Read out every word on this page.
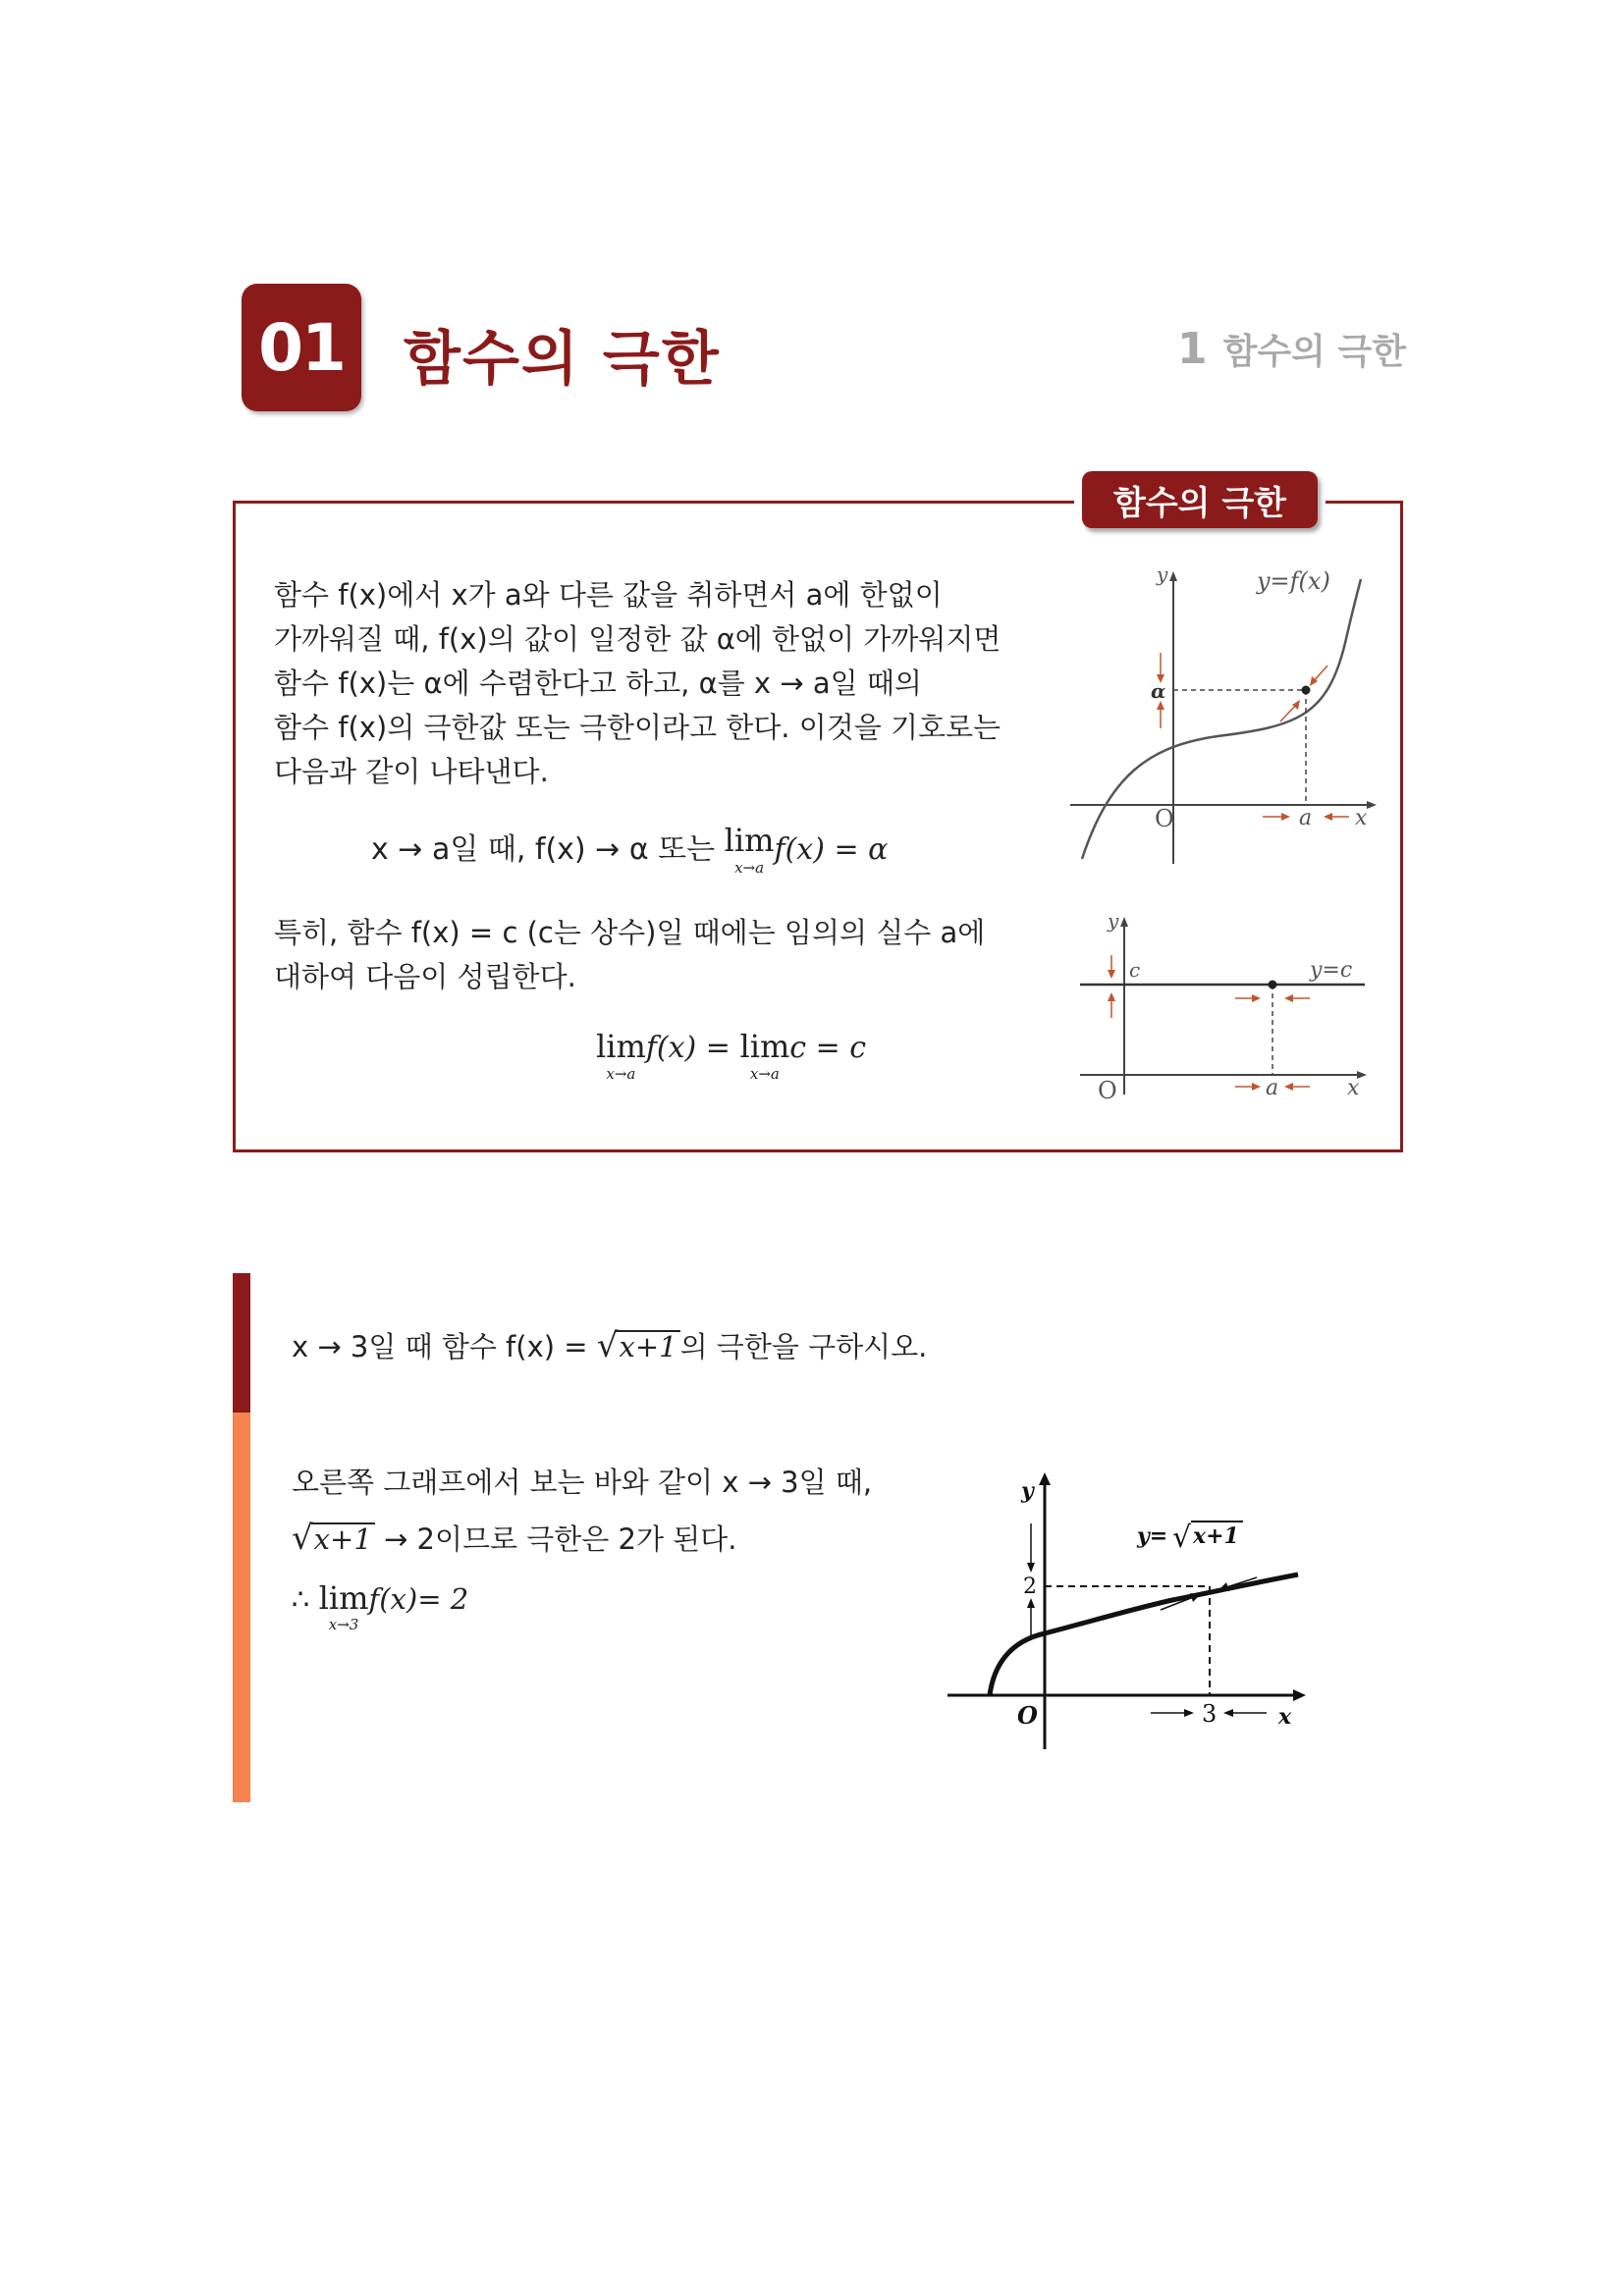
01 함수의 극한	1 함수의 극한
함수의 극한
함수 f(x)에서 x가 a와 다른 값을 취하면서 a에 한없이
가까워질 때, f(x)의 값이 일정한 값 α에 한없이 가까워지면
함수 f(x)는 α에 수렴한다고 하고, α를 x → a일 때의
함수 f(x)의 극한값 또는 극한이라고 한다. 이것을 기호로는
다음과 같이 나타낸다.
x → a일 때, f(x) → α 또는 lim
x→a
f(x) = α
특히, 함수 f(x) = c (c는 상수)일 때에는 임의의 실수 a에
대하여 다음이 성립한다.
lim
x→a
f(x) = lim
x→a
c = c
y
x
O
y=f(x)
α
a
y
x
O
y=c
c
a
x → 3일 때 함수 f(x) = √x+1 의 극한을 구하시오.
오른쪽 그래프에서 보는 바와 같이 x → 3일 때,
√x+1 → 2이므로 극한은 2가 된다.
∴ lim
x→3
f(x)= 2
y
x
O
2
3
y= √ x+1
